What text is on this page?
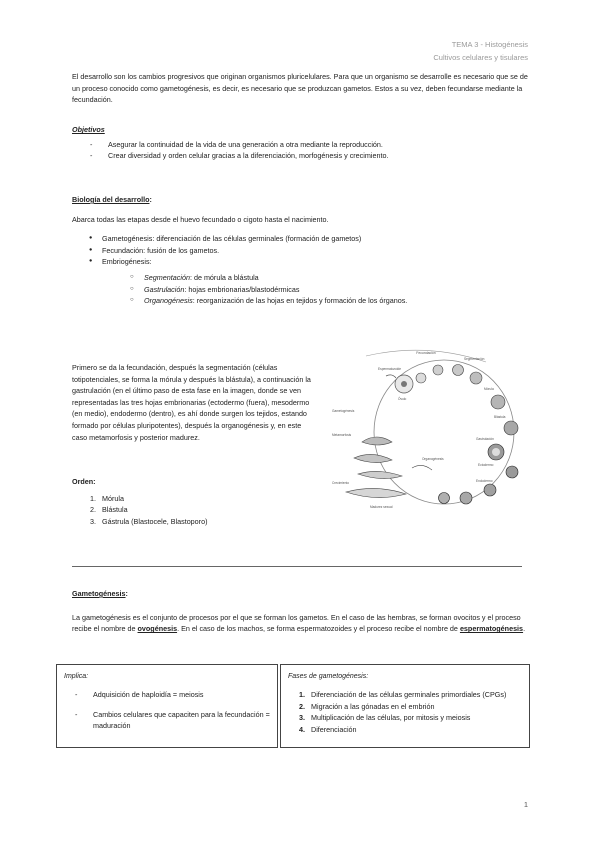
TEMA 3 - Histogénesis
Cultivos celulares y tisulares

El desarrollo son los cambios progresivos que originan organismos pluricelulares. Para que un organismo se desarrolle es necesario que se de un proceso conocido como gametogénesis, es decir, es necesario que se produzcan gametos. Estos a su vez, deben fecundarse mediante la fecundación.

Objetivos
- Asegurar la continuidad de la vida de una generación a otra mediante la reproducción.
- Crear diversidad y orden celular gracias a la diferenciación, morfogénesis y crecimiento.
Biología del desarrollo:
Abarca todas las etapas desde el huevo fecundado o cigoto hasta el nacimiento.
● Gametogénesis: diferenciación de las células germinales (formación de gametos)
● Fecundación: fusión de los gametos.
● Embriogénesis:
○ Segmentación: de mórula a blástula
○ Gastrulación: hojas embrionarias/blastodérmicas
○ Organogénesis: reorganización de las hojas en tejidos y formación de los órganos.

Primero se da la fecundación, después la segmentación (células totipotenciales, se forma la mórula y después la blástula), a continuación la gastrulación (en el último paso de esta fase en la imagen, donde se ven representadas las tres hojas embrionarias (ectodermo (fuera), mesodermo (en medio), endodermo (dentro), es ahí donde surgen los tejidos, estando formado por células pluripotentes), después la organogénesis y, en este caso metamorfosis y posterior madurez.

Orden:
1. Mórula
2. Blástula
3. Gástrula (Blastocele, Blastoporo)
Fecundación
Espermatozoide
Óvulo
Gametogénesis
Segmentación
Mórula
Blástula
Gastrulación
Ectodermo
Endodermo
Organogénesis
Metamorfosis
Crecimiento
Madurez sexual
Gametogénesis:

La gametogénesis es el conjunto de procesos por el que se forman los gametos. En el caso de las hembras, se forman ovocitos y el proceso recibe el nombre de ovogénesis. En el caso de los machos, se forma espermatozoides y el proceso recibe el nombre de espermatogénesis.

Implica:
- Adquisición de haploidía = meiosis
- Cambios celulares que capaciten para la fecundación = maduración
Fases de gametogénesis:
1. Diferenciación de las células germinales primordiales (CPGs)
2. Migración a las gónadas en el embrión
3. Multiplicación de las células, por mitosis y meiosis
4. Diferenciación
1
